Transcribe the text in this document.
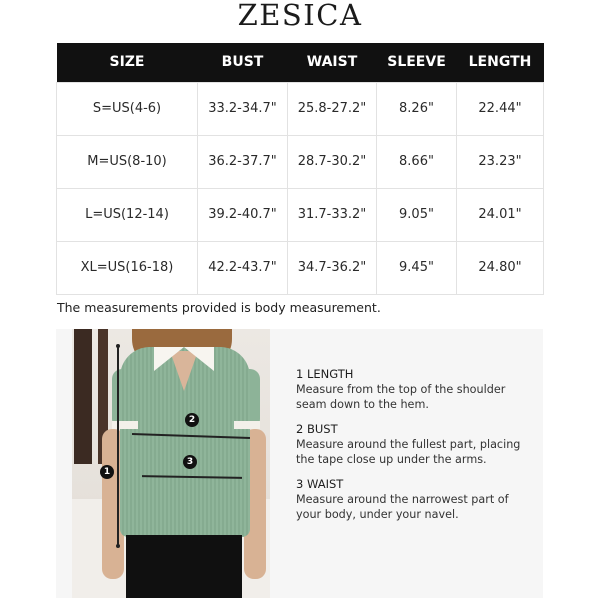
ZESICA
SIZE	BUST	WAIST	SLEEVE	LENGTH
S=US(4-6)	33.2-34.7"	25.8-27.2"	8.26"	22.44"
M=US(8-10)	36.2-37.7"	28.7-30.2"	8.66"	23.23"
L=US(12-14)	39.2-40.7"	31.7-33.2"	9.05"	24.01"
XL=US(16-18)	42.2-43.7"	34.7-36.2"	9.45"	24.80"
The measurements provided is body measurement.
1
2
3
1 LENGTH
Measure from the top of the shoulder seam down to the hem.
2 BUST
Measure around the fullest part, placing the tape close up under the arms.
3 WAIST
Measure around the narrowest part of your body, under your navel.
